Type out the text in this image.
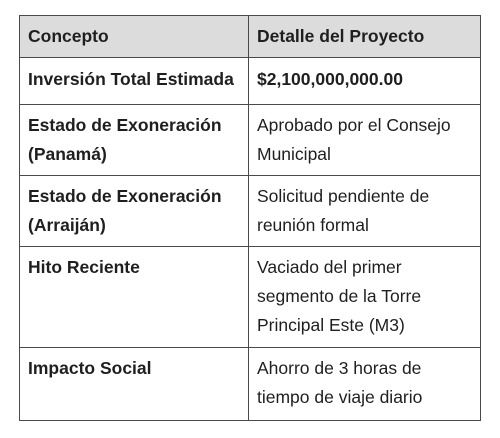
Concepto	Detalle del Proyecto
Inversión Total Estimada	$2,100,000,000.00
Estado de Exoneración (Panamá)	Aprobado por el Consejo Municipal
Estado de Exoneración (Arraiján)	Solicitud pendiente de reunión formal
Hito Reciente	Vaciado del primer segmento de la Torre Principal Este (M3)
Impacto Social	Ahorro de 3 horas de tiempo de viaje diario
